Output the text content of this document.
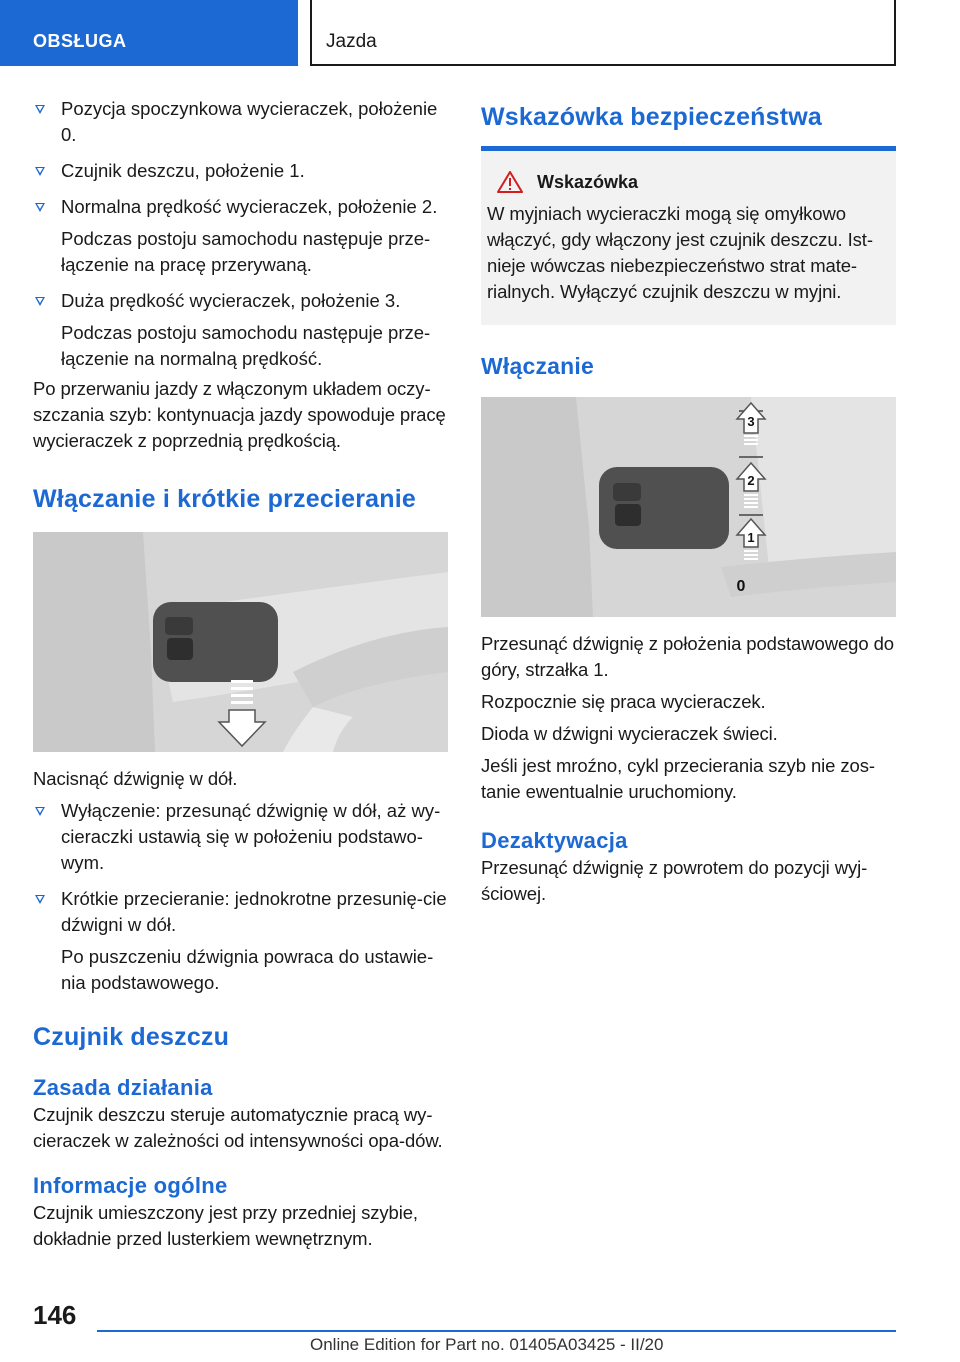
OBSŁUGA	Jazda
Pozycja spoczynkowa wycieraczek, położenie 0.
Czujnik deszczu, położenie 1.
Normalna prędkość wycieraczek, położenie 2.
Podczas postoju samochodu następuje prze-łączenie na pracę przerywaną.
Duża prędkość wycieraczek, położenie 3.
Podczas postoju samochodu następuje prze-łączenie na normalną prędkość.

Po przerwaniu jazdy z włączonym układem oczy-szczania szyb: kontynuacja jazdy spowoduje pracę wycieraczek z poprzednią prędkością.

Włączanie i krótkie przecieranie

Nacisnąć dźwignię w dół.

Wyłączenie: przesunąć dźwignię w dół, aż wy-cieraczki ustawią się w położeniu podstawo-wym.
Krótkie przecieranie: jednokrotne przesunię-cie dźwigni w dół.
Po puszczeniu dźwignia powraca do ustawie-nia podstawowego.
Czujnik deszczu
Zasada działania

Czujnik deszczu steruje automatycznie pracą wy-cieraczek w zależności od intensywności opa-dów.

Informacje ogólne

Czujnik umieszczony jest przy przedniej szybie, dokładnie przed lusterkiem wewnętrznym.

Wskazówka bezpieczeństwa
Wskazówka

W myjniach wycieraczki mogą się omyłkowo włączyć, gdy włączony jest czujnik deszczu. Ist-nieje wówczas niebezpieczeństwo strat mate-rialnych. Wyłączyć czujnik deszczu w myjni.

Włączanie
3
2
1
0

Przesunąć dźwignię z położenia podstawowego do góry, strzałka 1.

Rozpocznie się praca wycieraczek.

Dioda w dźwigni wycieraczek świeci.

Jeśli jest mroźno, cykl przecierania szyb nie zos-tanie ewentualnie uruchomiony.

Dezaktywacja

Przesunąć dźwignię z powrotem do pozycji wyj-ściowej.

146
Online Edition for Part no. 01405A03425 - II/20
